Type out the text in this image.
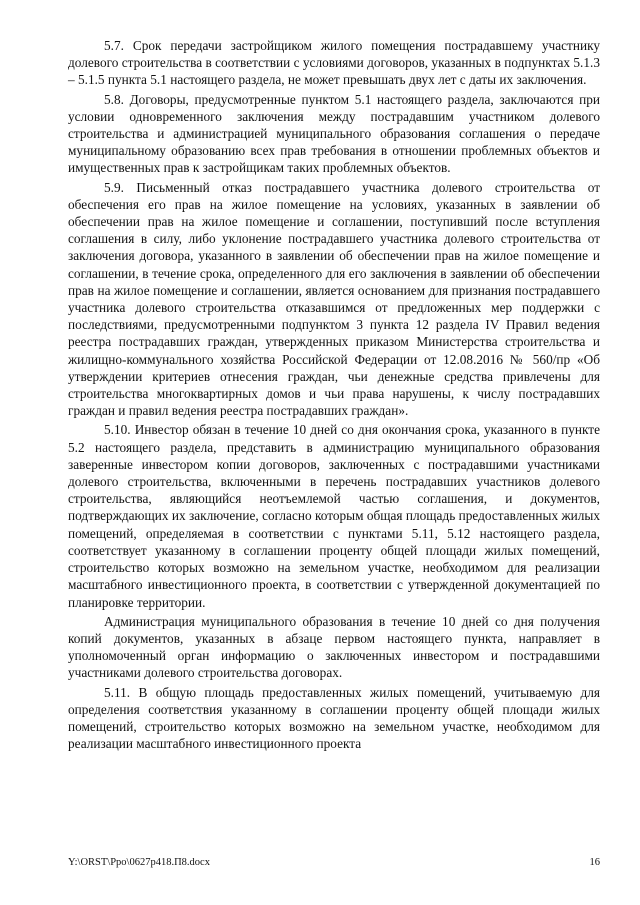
5.7. Срок передачи застройщиком жилого помещения пострадавшему участнику долевого строительства в соответствии с условиями договоров, указанных в подпунктах 5.1.3 – 5.1.5 пункта 5.1 настоящего раздела, не может превышать двух лет с даты их заключения.

5.8. Договоры, предусмотренные пунктом 5.1 настоящего раздела, заключаются при условии одновременного заключения между пострадавшим участником долевого строительства и администрацией муниципального образования соглашения о передаче муниципальному образованию всех прав требования в отношении проблемных объектов и имущественных прав к застройщикам таких проблемных объектов.

5.9. Письменный отказ пострадавшего участника долевого строительства от обеспечения его прав на жилое помещение на условиях, указанных в заявлении об обеспечении прав на жилое помещение и соглашении, поступивший после вступления соглашения в силу, либо уклонение пострадавшего участника долевого строительства от заключения договора, указанного в заявлении об обеспечении прав на жилое помещение и соглашении, в течение срока, определенного для его заключения в заявлении об обеспечении прав на жилое помещение и соглашении, является основанием для признания пострадавшего участника долевого строительства отказавшимся от предложенных мер поддержки с последствиями, предусмотренными подпунктом 3 пункта 12 раздела IV Правил ведения реестра пострадавших граждан, утвержденных приказом Министерства строительства и жилищно-коммунального хозяйства Российской Федерации от 12.08.2016 № 560/пр «Об утверждении критериев отнесения граждан, чьи денежные средства привлечены для строительства многоквартирных домов и чьи права нарушены, к числу пострадавших граждан и правил ведения реестра пострадавших граждан».

5.10. Инвестор обязан в течение 10 дней со дня окончания срока, указанного в пункте 5.2 настоящего раздела, представить в администрацию муниципального образования заверенные инвестором копии договоров, заключенных с пострадавшими участниками долевого строительства, включенными в перечень пострадавших участников долевого строительства, являющийся неотъемлемой частью соглашения, и документов, подтверждающих их заключение, согласно которым общая площадь предоставленных жилых помещений, определяемая в соответствии с пунктами 5.11, 5.12 настоящего раздела, соответствует указанному в соглашении проценту общей площади жилых помещений, строительство которых возможно на земельном участке, необходимом для реализации масштабного инвестиционного проекта, в соответствии с утвержденной документацией по планировке территории.

Администрация муниципального образования в течение 10 дней со дня получения копий документов, указанных в абзаце первом настоящего пункта, направляет в уполномоченный орган информацию о заключенных инвестором и пострадавшими участниками долевого строительства договорах.

5.11. В общую площадь предоставленных жилых помещений, учитываемую для определения соответствия указанному в соглашении проценту общей площади жилых помещений, строительство которых возможно на земельном участке, необходимом для реализации масштабного инвестиционного проекта

Y:\ORST\Ppo\0627p418.П8.docx	16
